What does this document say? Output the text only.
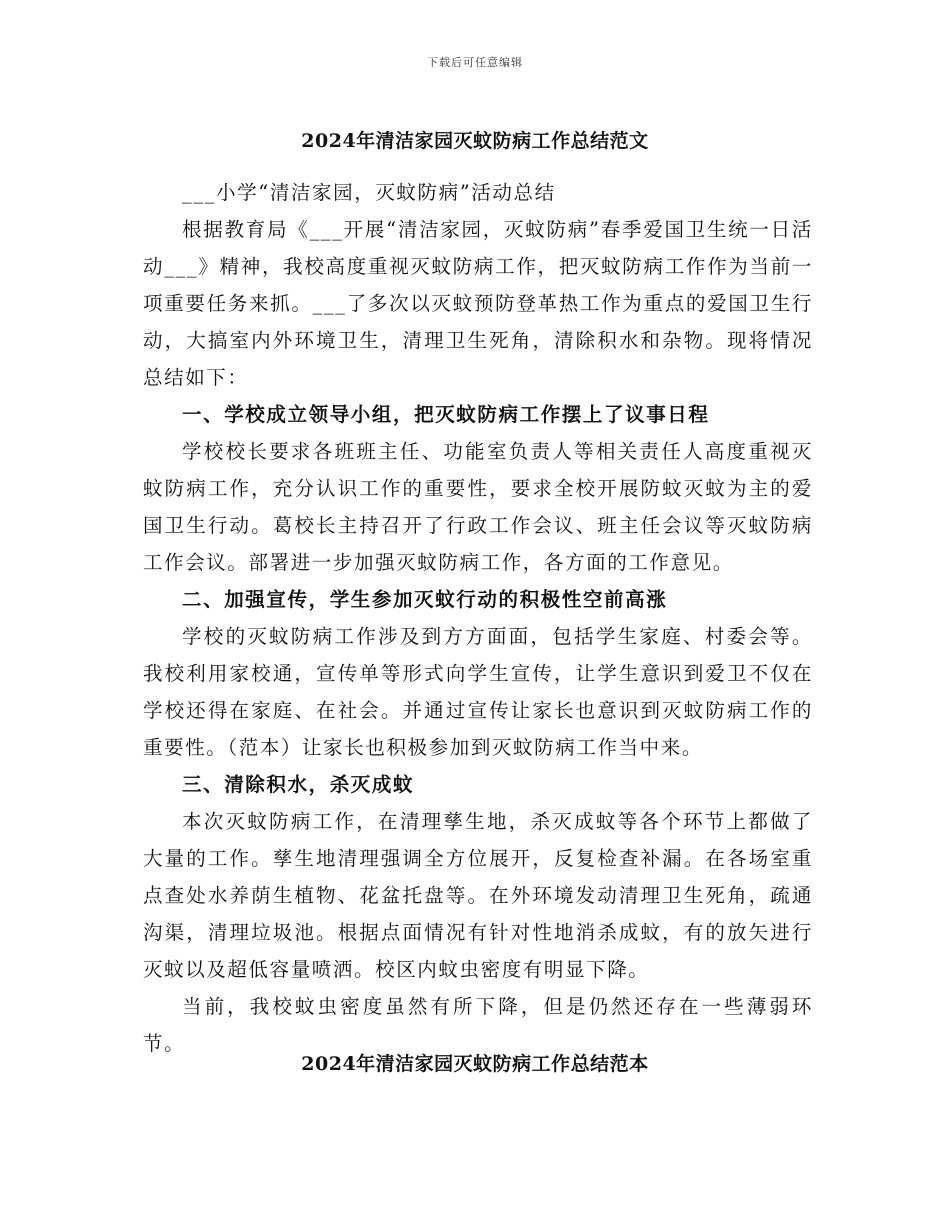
下载后可任意编辑
2024年清洁家园灭蚊防病工作总结范文

___小学“清洁家园，灭蚊防病”活动总结

根据教育局《___开展“清洁家园，灭蚊防病”春季爱国卫生统一日活动___》精神，我校高度重视灭蚊防病工作，把灭蚊防病工作作为当前一项重要任务来抓。___了多次以灭蚊预防登革热工作为重点的爱国卫生行动，大搞室内外环境卫生，清理卫生死角，清除积水和杂物。现将情况总结如下：

一、学校成立领导小组，把灭蚊防病工作摆上了议事日程

学校校长要求各班班主任、功能室负责人等相关责任人高度重视灭蚊防病工作，充分认识工作的重要性，要求全校开展防蚊灭蚊为主的爱国卫生行动。葛校长主持召开了行政工作会议、班主任会议等灭蚊防病工作会议。部署进一步加强灭蚊防病工作，各方面的工作意见。

二、加强宣传，学生参加灭蚊行动的积极性空前高涨

学校的灭蚊防病工作涉及到方方面面，包括学生家庭、村委会等。我校利用家校通，宣传单等形式向学生宣传，让学生意识到爱卫不仅在学校还得在家庭、在社会。并通过宣传让家长也意识到灭蚊防病工作的重要性。（范本）让家长也积极参加到灭蚊防病工作当中来。

三、清除积水，杀灭成蚊

本次灭蚊防病工作，在清理孳生地，杀灭成蚊等各个环节上都做了大量的工作。孳生地清理强调全方位展开，反复检查补漏。在各场室重点查处水养荫生植物、花盆托盘等。在外环境发动清理卫生死角，疏通沟渠，清理垃圾池。根据点面情况有针对性地消杀成蚊，有的放矢进行灭蚊以及超低容量喷洒。校区内蚊虫密度有明显下降。

当前，我校蚊虫密度虽然有所下降，但是仍然还存在一些薄弱环节。

2024年清洁家园灭蚊防病工作总结范本
